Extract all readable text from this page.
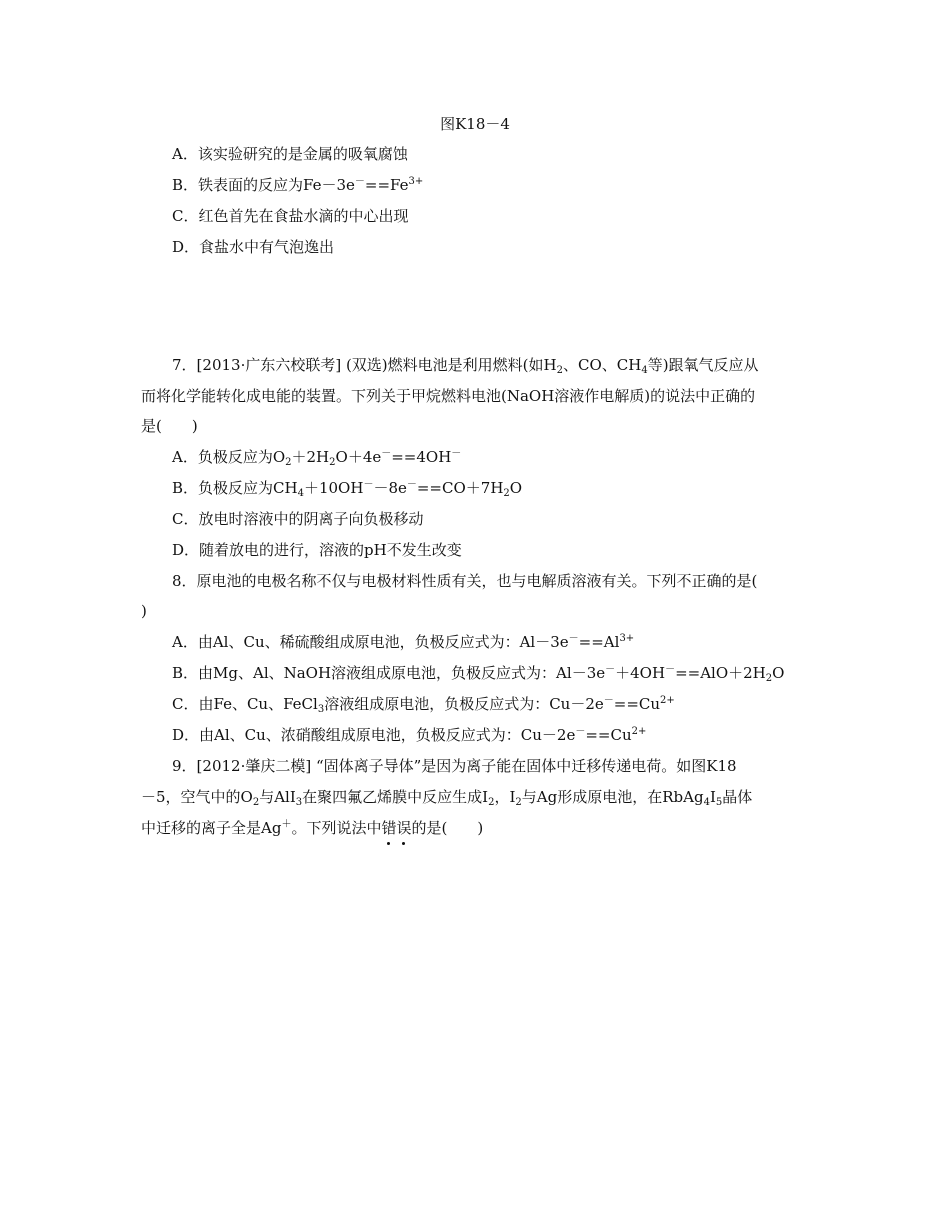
图K18－4
A．该实验研究的是金属的吸氧腐蚀
B．铁表面的反应为$Fe-3e^-==Fe^{3+}$
C．红色首先在食盐水滴的中心出现
D．食盐水中有气泡逸出
7．[2013·广东六校联考] (双选)燃料电池是利用燃料(如$H_2$、CO、$CH_4$等)跟氧气反应从
而将化学能转化成电能的装置。下列关于甲烷燃料电池(NaOH溶液作电解质)的说法中正确的
是(　　)
A．负极反应为$O_2+2H_2O+4e^-==4OH^-$
B．负极反应为$CH_4+10OH^--8e^-==CO+7H_2O$
C．放电时溶液中的阴离子向负极移动
D．随着放电的进行，溶液的pH不发生改变
8．原电池的电极名称不仅与电极材料性质有关，也与电解质溶液有关。下列不正确的是(
)
A．由Al、Cu、稀硫酸组成原电池，负极反应式为：$Al-3e^-==Al^{3+}$
B．由Mg、Al、NaOH溶液组成原电池，负极反应式为：$Al-3e^-+4OH^-==AlO+2H_2O$
C．由Fe、Cu、FeCl$_3$溶液组成原电池，负极反应式为：$Cu-2e^-==Cu^{2+}$
D．由Al、Cu、浓硝酸组成原电池，负极反应式为：$Cu-2e^-==Cu^{2+}$
9．[2012·肇庆二模] “固体离子导体”是因为离子能在固体中迁移传递电荷。如图K18
－5，空气中的$O_2$与AlI$_3$在聚四氟乙烯膜中反应生成$I_2$，$I_2$与Ag形成原电池，在$RbAg_4I_5$晶体
中迁移的离子全是Ag＋。下列说法中错误的是(　　)
